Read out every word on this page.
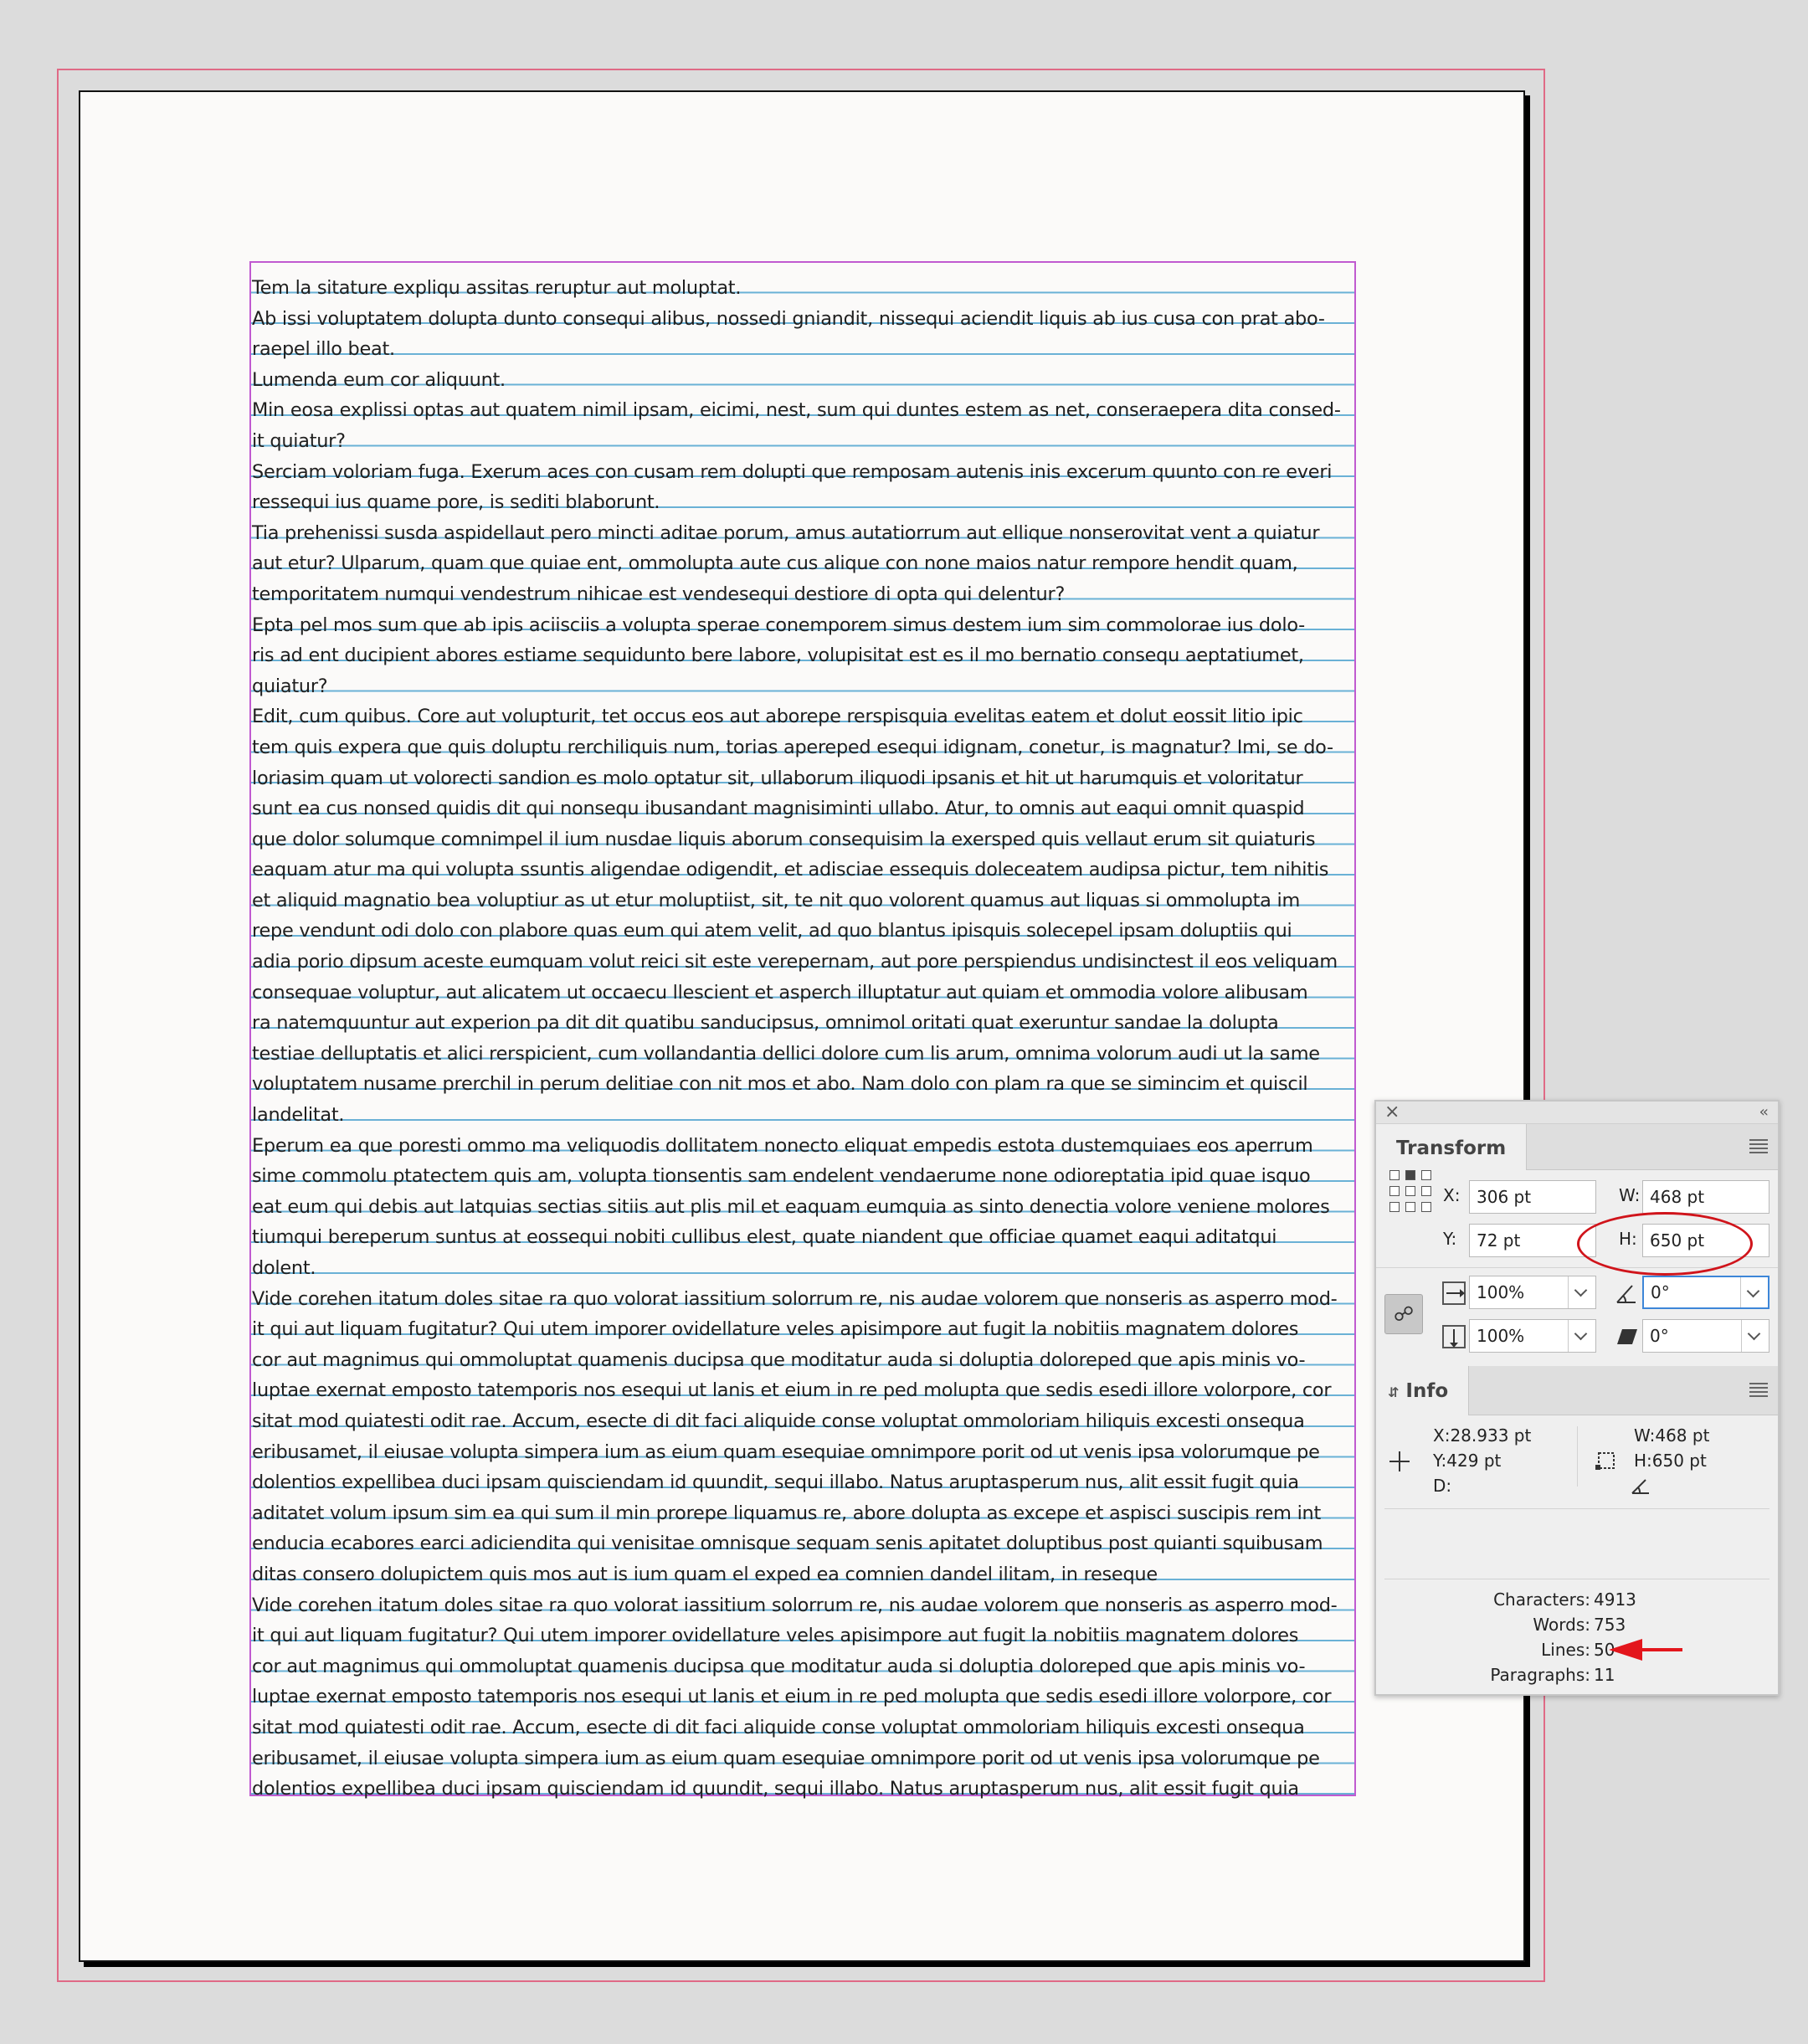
Tem la sitature expliqu assitas reruptur aut moluptat.
Ab issi voluptatem dolupta dunto consequi alibus, nossedi gniandit, nissequi aciendit liquis ab ius cusa con prat abo-
raepel illo beat.
Lumenda eum cor aliquunt.
Min eosa explissi optas aut quatem nimil ipsam, eicimi, nest, sum qui duntes estem as net, conseraepera dita consed-
it quiatur?
Serciam voloriam fuga. Exerum aces con cusam rem dolupti que remposam autenis inis excerum quunto con re everi
ressequi ius quame pore, is sediti blaborunt.
Tia prehenissi susda aspidellaut pero mincti aditae porum, amus autatiorrum aut ellique nonserovitat vent a quiatur
aut etur? Ulparum, quam que quiae ent, ommolupta aute cus alique con none maios natur rempore hendit quam,
temporitatem numqui vendestrum nihicae est vendesequi destiore di opta qui delentur?
Epta pel mos sum que ab ipis aciisciis a volupta sperae conemporem simus destem ium sim commolorae ius dolo-
ris ad ent ducipient abores estiame sequidunto bere labore, volupisitat est es il mo bernatio consequ aeptatiumet,
quiatur?
Edit, cum quibus. Core aut volupturit, tet occus eos aut aborepe rerspisquia evelitas eatem et dolut eossit litio ipic
tem quis expera que quis doluptu rerchiliquis num, torias apereped esequi idignam, conetur, is magnatur? Imi, se do-
loriasim quam ut volorecti sandion es molo optatur sit, ullaborum iliquodi ipsanis et hit ut harumquis et voloritatur
sunt ea cus nonsed quidis dit qui nonsequ ibusandant magnisiminti ullabo. Atur, to omnis aut eaqui omnit quaspid
que dolor solumque comnimpel il ium nusdae liquis aborum consequisim la exersped quis vellaut erum sit quiaturis
eaquam atur ma qui volupta ssuntis aligendae odigendit, et adisciae essequis doleceatem audipsa pictur, tem nihitis
et aliquid magnatio bea voluptiur as ut etur moluptiist, sit, te nit quo volorent quamus aut liquas si ommolupta im
repe vendunt odi dolo con plabore quas eum qui atem velit, ad quo blantus ipisquis solecepel ipsam doluptiis qui
adia porio dipsum aceste eumquam volut reici sit este verepernam, aut pore perspiendus undisinctest il eos veliquam
consequae voluptur, aut alicatem ut occaecu llescient et asperch illuptatur aut quiam et ommodia volore alibusam
ra natemquuntur aut experion pa dit dit quatibu sanducipsus, omnimol oritati quat exeruntur sandae la dolupta
testiae delluptatis et alici rerspicient, cum vollandantia dellici dolore cum lis arum, omnima volorum audi ut la same
voluptatem nusame prerchil in perum delitiae con nit mos et abo. Nam dolo con plam ra que se simincim et quiscil
landelitat.
Eperum ea que poresti ommo ma veliquodis dollitatem nonecto eliquat empedis estota dustemquiaes eos aperrum
sime commolu ptatectem quis am, volupta tionsentis sam endelent vendaerume none odioreptatia ipid quae isquo
eat eum qui debis aut latquias sectias sitiis aut plis mil et eaquam eumquia as sinto denectia volore veniene molores
tiumqui bereperum suntus at eossequi nobiti cullibus elest, quate niandent que officiae quamet eaqui aditatqui
dolent.
Vide corehen itatum doles sitae ra quo volorat iassitium solorrum re, nis audae volorem que nonseris as asperro mod-
it qui aut liquam fugitatur? Qui utem imporer ovidellature veles apisimpore aut fugit la nobitiis magnatem dolores
cor aut magnimus qui ommoluptat quamenis ducipsa que moditatur auda si doluptia doloreped que apis minis vo-
luptae exernat emposto tatemporis nos esequi ut lanis et eium in re ped molupta que sedis esedi illore volorpore, cor
sitat mod quiatesti odit rae. Accum, esecte di dit faci aliquide conse voluptat ommoloriam hiliquis excesti onsequa
eribusamet, il eiusae volupta simpera ium as eium quam esequiae omnimpore porit od ut venis ipsa volorumque pe
dolentios expellibea duci ipsam quisciendam id quundit, sequi illabo. Natus aruptasperum nus, alit essit fugit quia
aditatet volum ipsum sim ea qui sum il min prorepe liquamus re, abore dolupta as excepe et aspisci suscipis rem int
enducia ecabores earci adiciendita qui venisitae omnisque sequam senis apitatet doluptibus post quianti squibusam
ditas consero dolupictem quis mos aut is ium quam el exped ea comnien dandel ilitam, in reseque
Vide corehen itatum doles sitae ra quo volorat iassitium solorrum re, nis audae volorem que nonseris as asperro mod-
it qui aut liquam fugitatur? Qui utem imporer ovidellature veles apisimpore aut fugit la nobitiis magnatem dolores
cor aut magnimus qui ommoluptat quamenis ducipsa que moditatur auda si doluptia doloreped que apis minis vo-
luptae exernat emposto tatemporis nos esequi ut lanis et eium in re ped molupta que sedis esedi illore volorpore, cor
sitat mod quiatesti odit rae. Accum, esecte di dit faci aliquide conse voluptat ommoloriam hiliquis excesti onsequa
eribusamet, il eiusae volupta simpera ium as eium quam esequiae omnimpore porit od ut venis ipsa volorumque pe
dolentios expellibea duci ipsam quisciendam id quundit, sequi illabo. Natus aruptasperum nus, alit essit fugit quia
×	‹‹
Transform
X: 306 pt	W: 468 pt
Y:	72 pt	H: 650 pt
☍
100%	0°
100%	0°
⇵ Info
X:28.933 pt
Y:429 pt
D:
W:468 pt
H:650 pt
Characters: 4913
Words: 753
Lines: 50
Paragraphs: 11
